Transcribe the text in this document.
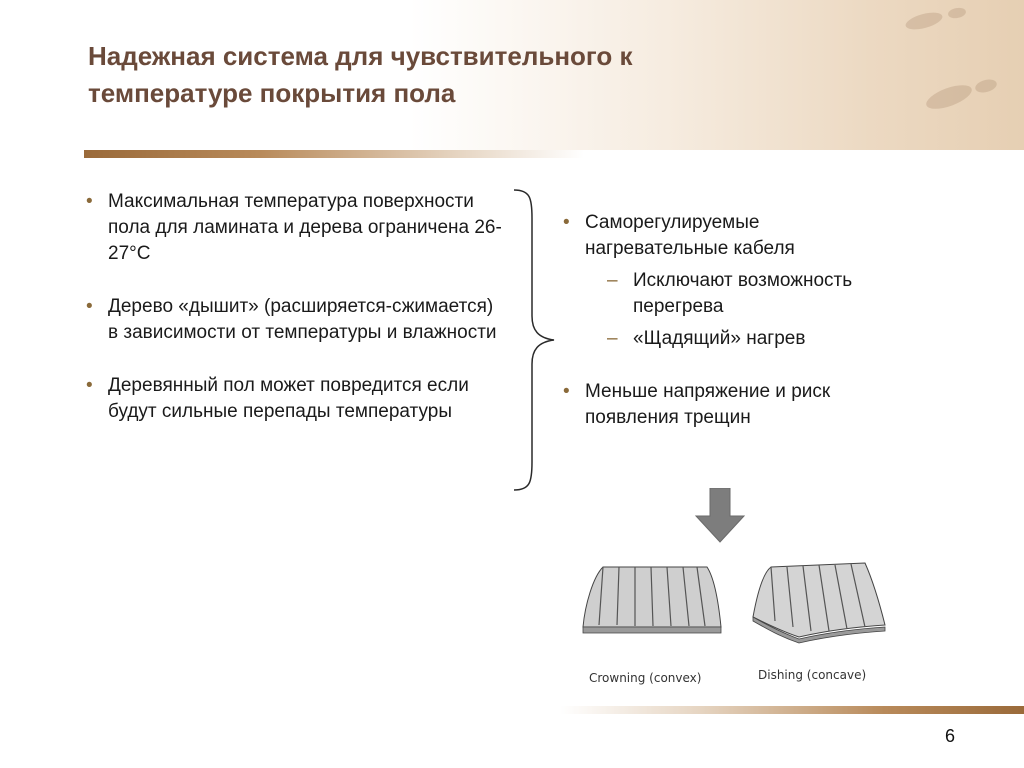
Надежная система для чувствительного к
температуре покрытия пола
• Максимальная температура поверхности пола для ламината и дерева ограничена 26-27°C
• Дерево «дышит» (расширяется-сжимается) в зависимости от температуры и влажности
• Деревянный пол может повредится если будут сильные перепады температуры
• Саморегулируемые нагревательные кабеля
– Исключают возможность перегрева
– «Щадящий» нагрев
• Меньше напряжение и риск появления трещин
Crowning (convex)	Dishing (concave)
6
